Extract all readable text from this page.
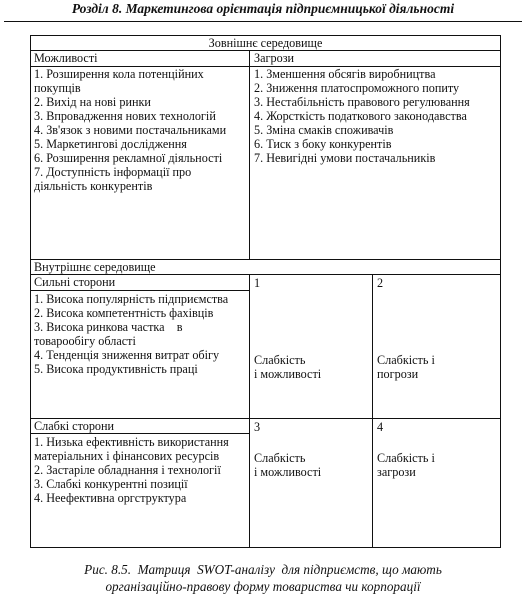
Розділ 8. Маркетингова орієнтація підприємницької діяльності
Зовнішнє середовище
Можливості
1. Розширення кола потенційних покупців
2. Вихід на нові ринки
3. Впровадження нових технологій
4. Зв'язок з новими постачальниками
5. Маркетингові дослідження
6. Розширення рекламної діяльності
7. Доступність інформації про діяльність конкурентів
Загрози
1. Зменшення обсягів виробництва
2. Зниження платоспроможного попиту
3. Нестабільність правового регулювання
4. Жорсткість податкового законодавства
5. Зміна смаків споживачів
6. Тиск з боку конкурентів
7. Невигідні умови постачальників
Внутрішнє середовище
Сильні сторони
1. Висока популярність підприємства
2. Висока компетентність фахівців
3. Висока ринкова частка    в товарообігу області
4. Тенденція зниження витрат обігу
5. Висока продуктивність праці
Слабкі сторони
1. Низька ефективність використання матеріальних і фінансових ресурсів
2. Застаріле обладнання і технології
3. Слабкі конкурентні позиції
4. Неефективна оргструктура
1
Слабкість
і можливості
2
Слабкість і
погрози
3
Слабкість
і можливості
4
Слабкість і
загрози
Рис. 8.5.  Матриця  SWOT-аналізу  для підприємств, що мають
організаційно-правову форму товариства чи корпорації
